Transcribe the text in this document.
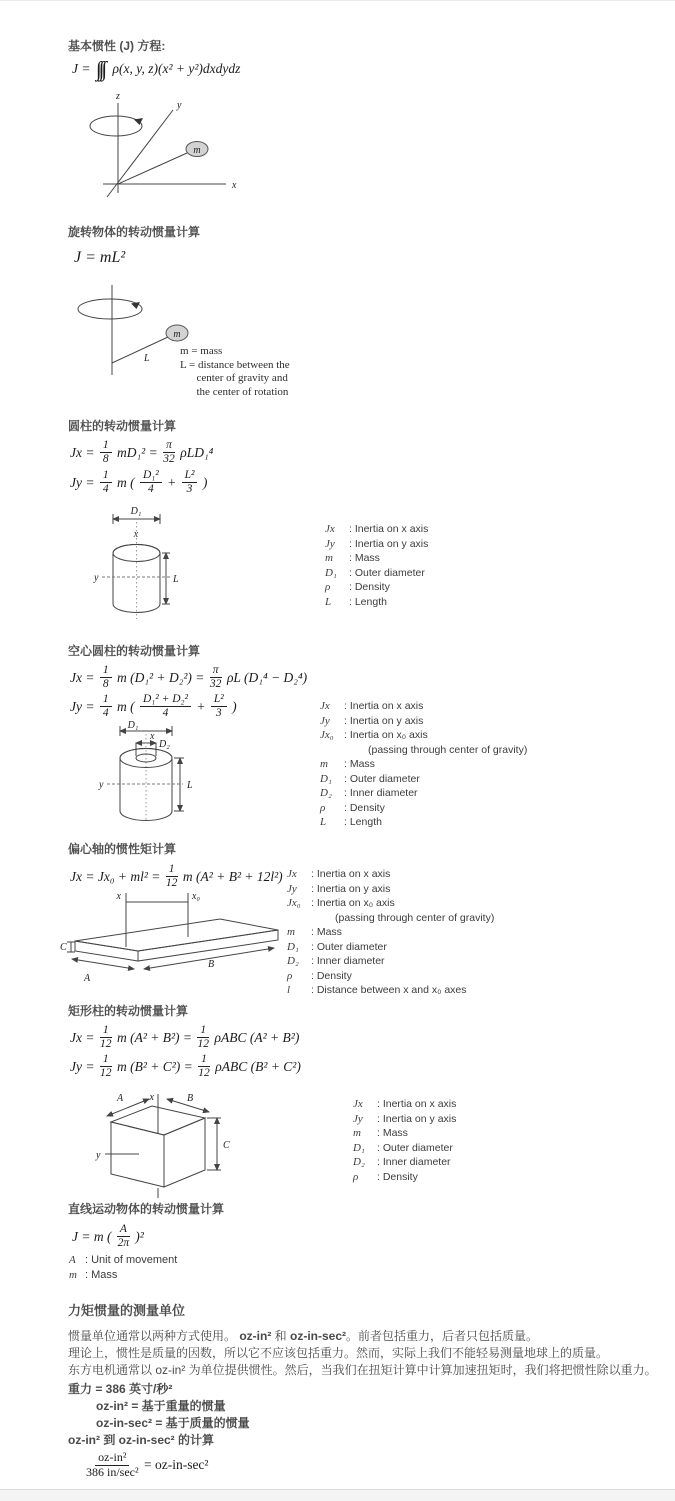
基本惯性 (J) 方程:
J = ∫∫∫ ρ(x, y, z)(x² + y²)dxdydz
z
x
y
m
旋转物体的转动惯量计算
J = mL²
m
L
m = mass
L = distance between the
center of gravity and
the center of rotation
圆柱的转动惯量计算
$Jx = \frac{1}{8} mD_1^2 = \frac{\pi}{32} \rho LD_1^4$
$Jy = \frac{1}{4}$ m ( $\frac{\text{D₁²}}{4} + \frac{\text{L²}}{3}$ )
D₁
x
y	L
Jx	: Inertia on x axis
Jy	: Inertia on y axis
m	: Mass
D₁	: Outer diameter
ρ	: Density
L	: Length
空心圆柱的转动惯量计算
$Jx = \frac{1}{8}$ m $(D_1^2 + D_2^2) = \frac{\pi}{32}$ ρL (D₁⁴ − D₂⁴)
$Jy = \frac{1}{4}$ m ( $\frac{\text{D₁² + D₂²}}{4} + \frac{\text{L²}}{3}$ )
D₁
D₂
x
y	L
Jx	: Inertia on x axis
Jy	: Inertia on y axis
Jx₀ : Inertia on x₀ axis
(passing through center of gravity)
m	: Mass
D₁	: Outer diameter
D₂	: Inner diameter
ρ	: Density
L	: Length
偏心轴的惯性矩计算
$Jx = Jx_0 + ml^2 = \frac{1}{12}$ m (A² + B² + 12l²)
x	x₀
C
A
B
Jx	: Inertia on x axis
Jy	: Inertia on y axis
Jx₀ : Inertia on x₀ axis
(passing through center of gravity)
m	: Mass
D₁	: Outer diameter
D₂	: Inner diameter
ρ	: Density
l	: Distance between x and x₀ axes
矩形柱的转动惯量计算
$Jx = \frac{1}{12}$ m $(A^2 + B^2) = \frac{1}{12}$ ρABC (A² + B²)
$Jy = \frac{1}{12}$ m $(B^2 + C^2) = \frac{1}{12}$ ρABC (B² + C²)
A	x	B
y
C
Jx	: Inertia on x axis
Jy	: Inertia on y axis
m	: Mass
D₁	: Outer diameter
D₂	: Inner diameter
ρ	: Density
直线运动物体的转动惯量计算
J = m ( $\frac{A}{2\pi} )^2$
A : Unit of movement
m : Mass
力矩惯量的测量单位
惯量单位通常以两种方式使用。 oz-in² 和 oz-in-sec²。前者包括重力，后者只包括质量。
理论上，惯性是质量的因数，所以它不应该包括重力。然而，实际上我们不能轻易测量地球上的质量。
东方电机通常以 oz-in² 为单位提供惯性。然后，当我们在扭矩计算中计算加速扭矩时，我们将把惯性除以重力。
重力 = 386 英寸/秒²
oz-in² = 基于重量的惯量
oz-in-sec² = 基于质量的惯量
oz-in² 到 oz-in-sec² 的计算
$\frac{\text{oz-in²}}{\text{386 in/sec²}} = oz-in-\sec^2$
